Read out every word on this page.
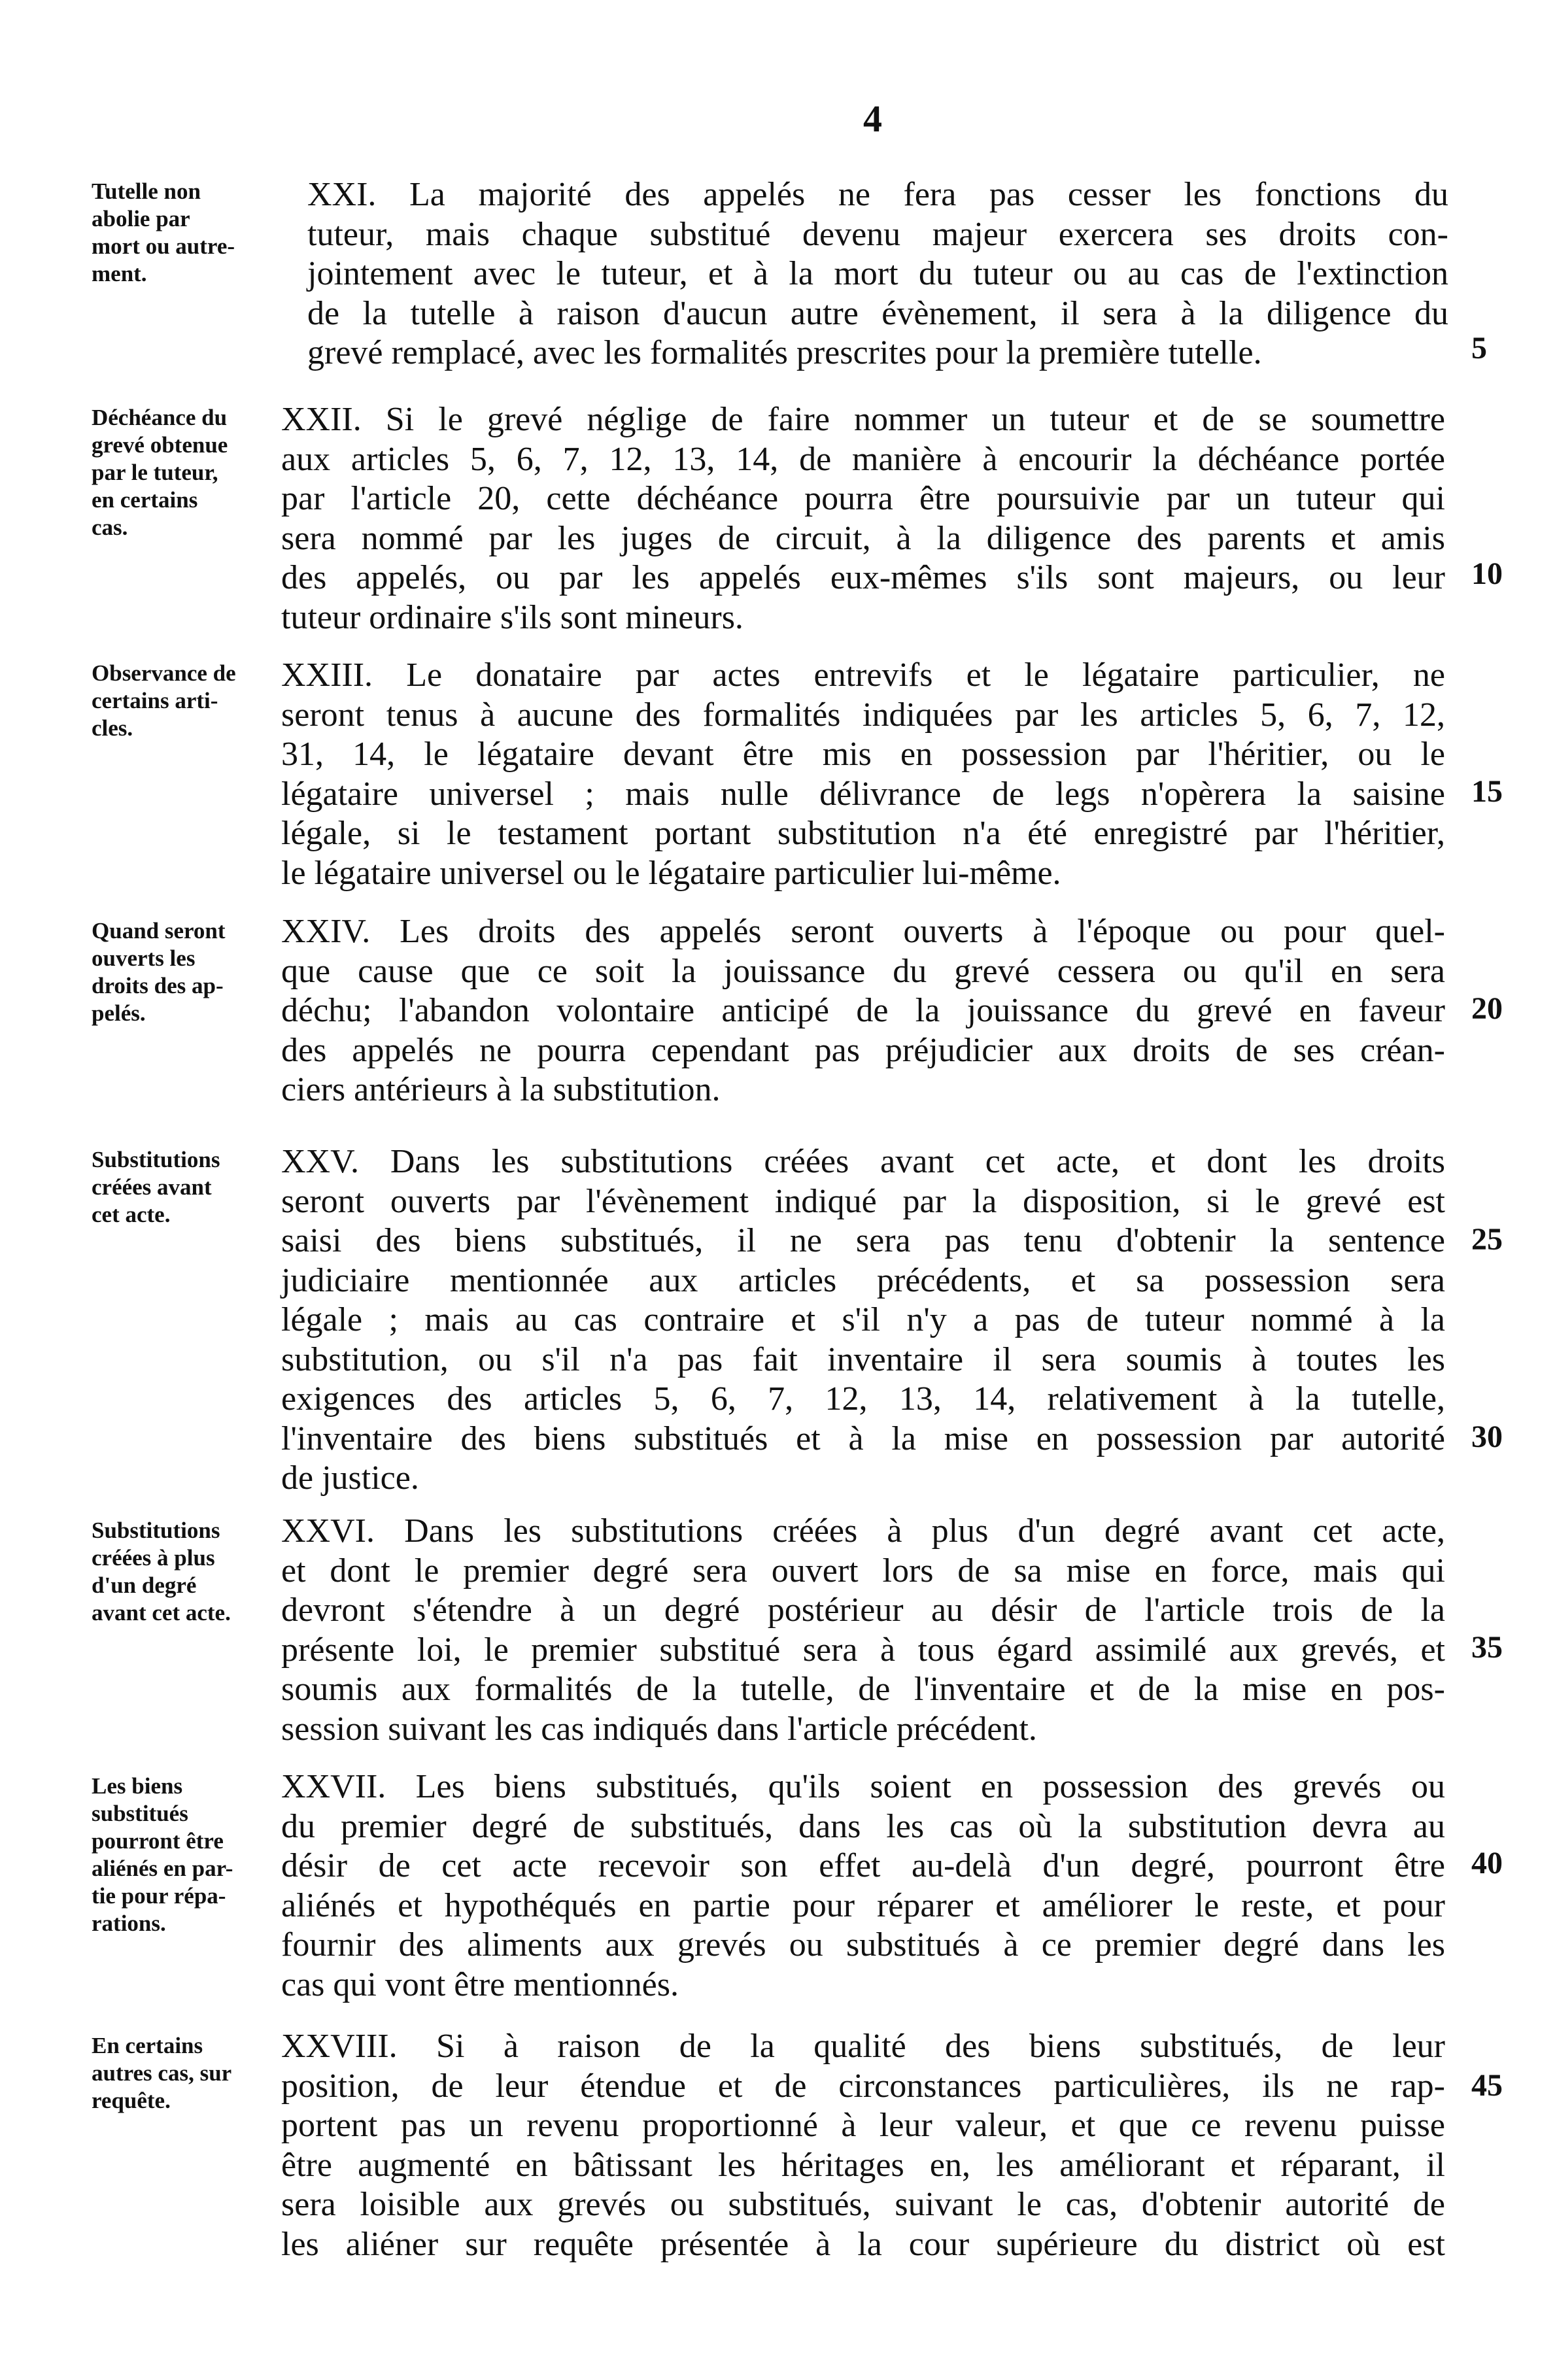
4
Tutelle non
abolie par
mort ou autre-
ment.
XXI. La majorité des appelés ne fera pas cesser les fonctions du
tuteur, mais chaque substitué devenu majeur exercera ses droits con-
jointement avec le tuteur, et à la mort du tuteur ou au cas de l'extinction
de la tutelle à raison d'aucun autre évènement, il sera à la diligence du
grevé remplacé, avec les formalités prescrites pour la première tutelle.
Déchéance du
grevé obtenue
par le tuteur,
en certains
cas.
XXII. Si le grevé néglige de faire nommer un tuteur et de se soumettre
aux articles 5, 6, 7, 12, 13, 14, de manière à encourir la déchéance portée
par l'article 20, cette déchéance pourra être poursuivie par un tuteur qui
sera nommé par les juges de circuit, à la diligence des parents et amis
des appelés, ou par les appelés eux-mêmes s'ils sont majeurs, ou leur
tuteur ordinaire s'ils sont mineurs.
Observance de
certains arti-
cles.
XXIII. Le donataire par actes entrevifs et le légataire particulier, ne
seront tenus à aucune des formalités indiquées par les articles 5, 6, 7, 12,
31, 14, le légataire devant être mis en possession par l'héritier, ou le
légataire universel ; mais nulle délivrance de legs n'opèrera la saisine
légale, si le testament portant substitution n'a été enregistré par l'héritier,
le légataire universel ou le légataire particulier lui-même.
Quand seront
ouverts les
droits des ap-
pelés.
XXIV. Les droits des appelés seront ouverts à l'époque ou pour quel-
que cause que ce soit la jouissance du grevé cessera ou qu'il en sera
déchu; l'abandon volontaire anticipé de la jouissance du grevé en faveur
des appelés ne pourra cependant pas préjudicier aux droits de ses créan-
ciers antérieurs à la substitution.
Substitutions
créées avant
cet acte.
XXV. Dans les substitutions créées avant cet acte, et dont les droits
seront ouverts par l'évènement indiqué par la disposition, si le grevé est
saisi des biens substitués, il ne sera pas tenu d'obtenir la sentence
judiciaire mentionnée aux articles précédents, et sa possession sera
légale ; mais au cas contraire et s'il n'y a pas de tuteur nommé à la
substitution, ou s'il n'a pas fait inventaire il sera soumis à toutes les
exigences des articles 5, 6, 7, 12, 13, 14, relativement à la tutelle,
l'inventaire des biens substitués et à la mise en possession par autorité
de justice.
Substitutions
créées à plus
d'un degré
avant cet acte.
XXVI. Dans les substitutions créées à plus d'un degré avant cet acte,
et dont le premier degré sera ouvert lors de sa mise en force, mais qui
devront s'étendre à un degré postérieur au désir de l'article trois de la
présente loi, le premier substitué sera à tous égard assimilé aux grevés, et
soumis aux formalités de la tutelle, de l'inventaire et de la mise en pos-
session suivant les cas indiqués dans l'article précédent.
Les biens
substitués
pourront être
aliénés en par-
tie pour répa-
rations.
XXVII. Les biens substitués, qu'ils soient en possession des grevés ou
du premier degré de substitués, dans les cas où la substitution devra au
désir de cet acte recevoir son effet au-delà d'un degré, pourront être
aliénés et hypothéqués en partie pour réparer et améliorer le reste, et pour
fournir des aliments aux grevés ou substitués à ce premier degré dans les
cas qui vont être mentionnés.
En certains
autres cas, sur
requête.
XXVIII. Si à raison de la qualité des biens substitués, de leur
position, de leur étendue et de circonstances particulières, ils ne rap-
portent pas un revenu proportionné à leur valeur, et que ce revenu puisse
être augmenté en bâtissant les héritages en, les améliorant et réparant, il
sera loisible aux grevés ou substitués, suivant le cas, d'obtenir autorité de
les aliéner sur requête présentée à la cour supérieure du district où est
5
10
15
20
25
30
35
40
45
